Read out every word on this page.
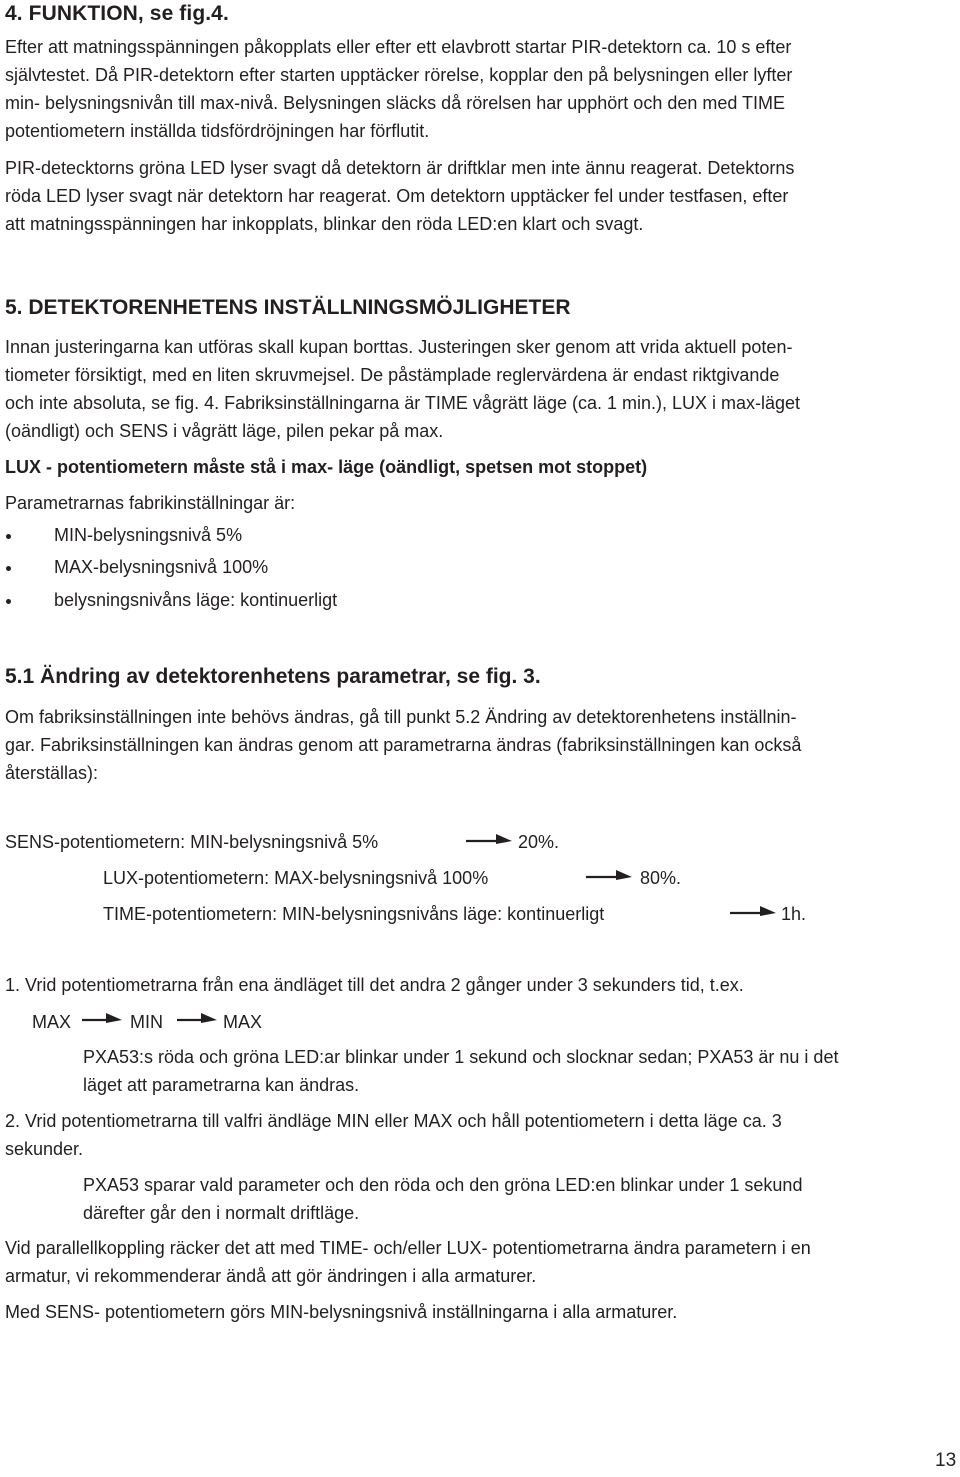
4. FUNKTION, se fig.4.
Efter att matningsspänningen påkopplats eller efter ett elavbrott startar PIR-detektorn ca. 10 s efter
självtestet. Då PIR-detektorn efter starten upptäcker rörelse, kopplar den på belysningen eller lyfter
min- belysningsnivån till max-nivå. Belysningen släcks då rörelsen har upphört och den med TIME
potentiometern inställda tidsfördröjningen har förflutit.
PIR-detecktorns gröna LED lyser svagt då detektorn är driftklar men inte ännu reagerat. Detektorns
röda LED lyser svagt när detektorn har reagerat. Om detektorn upptäcker fel under testfasen, efter
att matningsspänningen har inkopplats, blinkar den röda LED:en klart och svagt.
5. DETEKTORENHETENS INSTÄLLNINGSMÖJLIGHETER
Innan justeringarna kan utföras skall kupan borttas. Justeringen sker genom att vrida aktuell poten-
tiometer försiktigt, med en liten skruvmejsel. De påstämplade reglervärdena är endast riktgivande
och inte absoluta, se fig. 4. Fabriksinställningarna är TIME vågrätt läge (ca. 1 min.), LUX i max-läget
(oändligt) och SENS i vågrätt läge, pilen pekar på max.
LUX - potentiometern måste stå i max- läge (oändligt, spetsen mot stoppet)
Parametrarnas fabrikinställningar är:
MIN-belysningsnivå 5%
MAX-belysningsnivå 100%
belysningsnivåns läge: kontinuerligt
5.1 Ändring av detektorenhetens parametrar, se fig. 3.
Om fabriksinställningen inte behövs ändras, gå till punkt 5.2 Ändring av detektorenhetens inställnin-
gar. Fabriksinställningen kan ändras genom att parametrarna ändras (fabriksinställningen kan också
återställas):
SENS-potentiometern: MIN-belysningsnivå 5%	20%.
LUX-potentiometern: MAX-belysningsnivå 100%	80%.
TIME-potentiometern: MIN-belysningsnivåns läge: kontinuerligt	1h.
1. Vrid potentiometrarna från ena ändläget till det andra 2 gånger under 3 sekunders tid, t.ex.
MAX	MIN	MAX
PXA53:s röda och gröna LED:ar blinkar under 1 sekund och slocknar sedan; PXA53 är nu i det
läget att parametrarna kan ändras.
2. Vrid potentiometrarna till valfri ändläge MIN eller MAX och håll potentiometern i detta läge ca. 3
sekunder.
PXA53 sparar vald parameter och den röda och den gröna LED:en blinkar under 1 sekund
därefter går den i normalt driftläge.
Vid parallellkoppling räcker det att med TIME- och/eller LUX- potentiometrarna ändra parametern i en
armatur, vi rekommenderar ändå att gör ändringen i alla armaturer.
Med SENS- potentiometern görs MIN-belysningsnivå inställningarna i alla armaturer.
13
